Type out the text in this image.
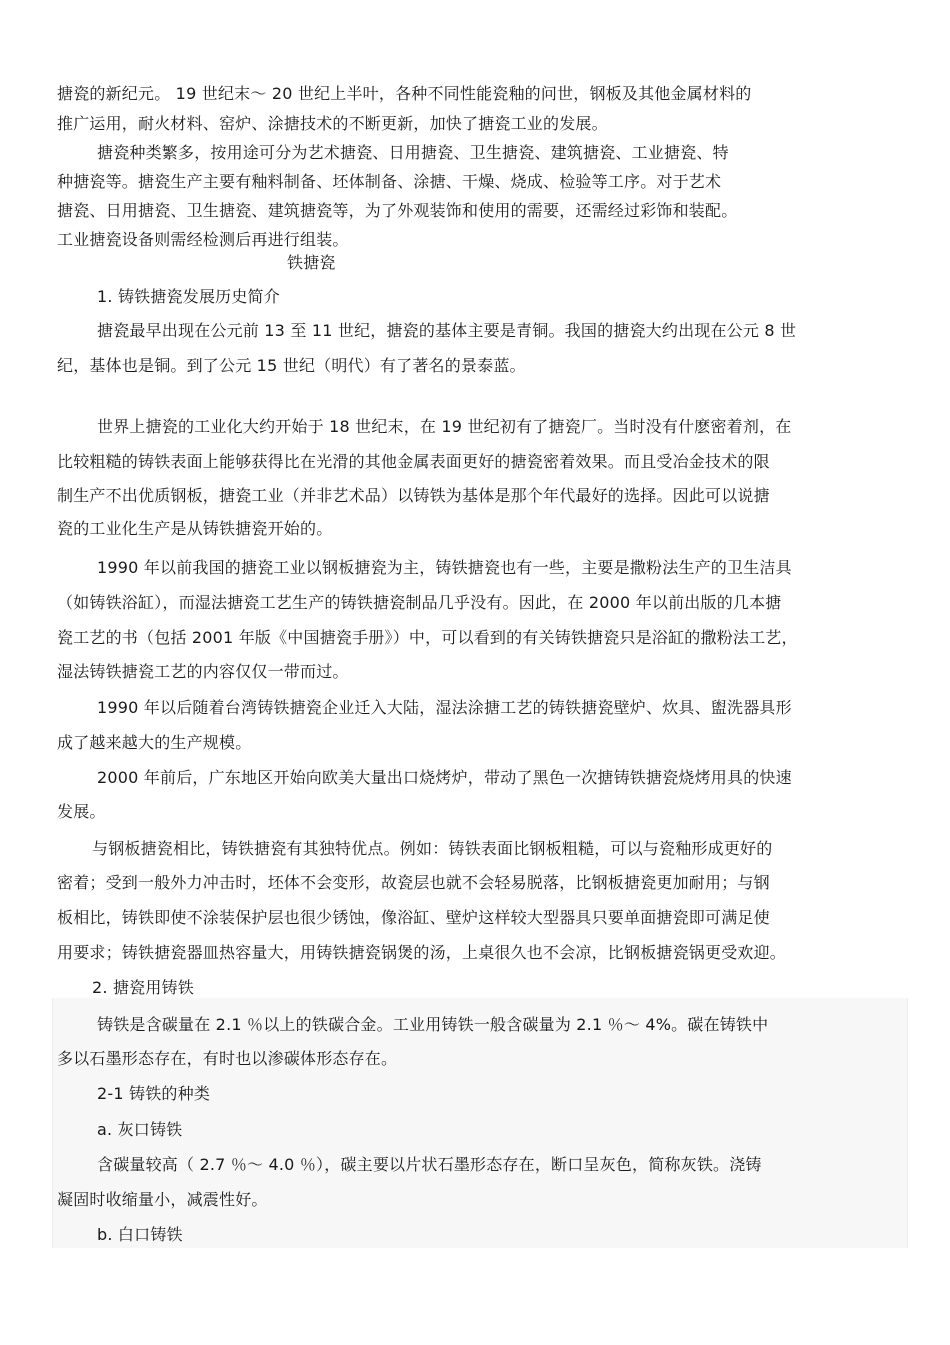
搪瓷的新纪元。 19 世纪末～ 20 世纪上半叶，各种不同性能瓷釉的问世，钢板及其他金属材料的
推广运用，耐火材料、窑炉、涂搪技术的不断更新，加快了搪瓷工业的发展。
搪瓷种类繁多，按用途可分为艺术搪瓷、日用搪瓷、卫生搪瓷、建筑搪瓷、工业搪瓷、特
种搪瓷等。搪瓷生产主要有釉料制备、坯体制备、涂搪、干燥、烧成、检验等工序。对于艺术
搪瓷、日用搪瓷、卫生搪瓷、建筑搪瓷等，为了外观装饰和使用的需要，还需经过彩饰和装配。
工业搪瓷设备则需经检测后再进行组装。
铁搪瓷
1. 铸铁搪瓷发展历史简介
搪瓷最早出现在公元前 13 至 11 世纪，搪瓷的基体主要是青铜。我国的搪瓷大约出现在公元 8 世
纪，基体也是铜。到了公元 15 世纪（明代）有了著名的景泰蓝。
世界上搪瓷的工业化大约开始于 18 世纪末，在 19 世纪初有了搪瓷厂。当时没有什麽密着剂，在
比较粗糙的铸铁表面上能够获得比在光滑的其他金属表面更好的搪瓷密着效果。而且受冶金技术的限
制生产不出优质钢板，搪瓷工业（并非艺术品）以铸铁为基体是那个年代最好的选择。因此可以说搪
瓷的工业化生产是从铸铁搪瓷开始的。
1990 年以前我国的搪瓷工业以钢板搪瓷为主，铸铁搪瓷也有一些，主要是撒粉法生产的卫生洁具
（如铸铁浴缸），而湿法搪瓷工艺生产的铸铁搪瓷制品几乎没有。因此，在 2000 年以前出版的几本搪
瓷工艺的书（包括 2001 年版《中国搪瓷手册》）中，可以看到的有关铸铁搪瓷只是浴缸的撒粉法工艺，
湿法铸铁搪瓷工艺的内容仅仅一带而过。
1990 年以后随着台湾铸铁搪瓷企业迁入大陆，湿法涂搪工艺的铸铁搪瓷壁炉、炊具、盥洗器具形
成了越来越大的生产规模。
2000 年前后，广东地区开始向欧美大量出口烧烤炉，带动了黑色一次搪铸铁搪瓷烧烤用具的快速
发展。
与钢板搪瓷相比，铸铁搪瓷有其独特优点。例如：铸铁表面比钢板粗糙，可以与瓷釉形成更好的
密着；受到一般外力冲击时，坯体不会变形，故瓷层也就不会轻易脱落，比钢板搪瓷更加耐用；与钢
板相比，铸铁即使不涂装保护层也很少锈蚀，像浴缸、壁炉这样较大型器具只要单面搪瓷即可满足使
用要求；铸铁搪瓷器皿热容量大，用铸铁搪瓷锅煲的汤，上桌很久也不会凉，比钢板搪瓷锅更受欢迎。
2. 搪瓷用铸铁
铸铁是含碳量在 2.1 ％以上的铁碳合金。工业用铸铁一般含碳量为 2.1 ％～ 4%。碳在铸铁中
多以石墨形态存在，有时也以渗碳体形态存在。
2-1 铸铁的种类
a. 灰口铸铁
含碳量较高（ 2.7 ％～ 4.0 ％），碳主要以片状石墨形态存在，断口呈灰色，简称灰铁。浇铸
凝固时收缩量小，减震性好。
b. 白口铸铁
